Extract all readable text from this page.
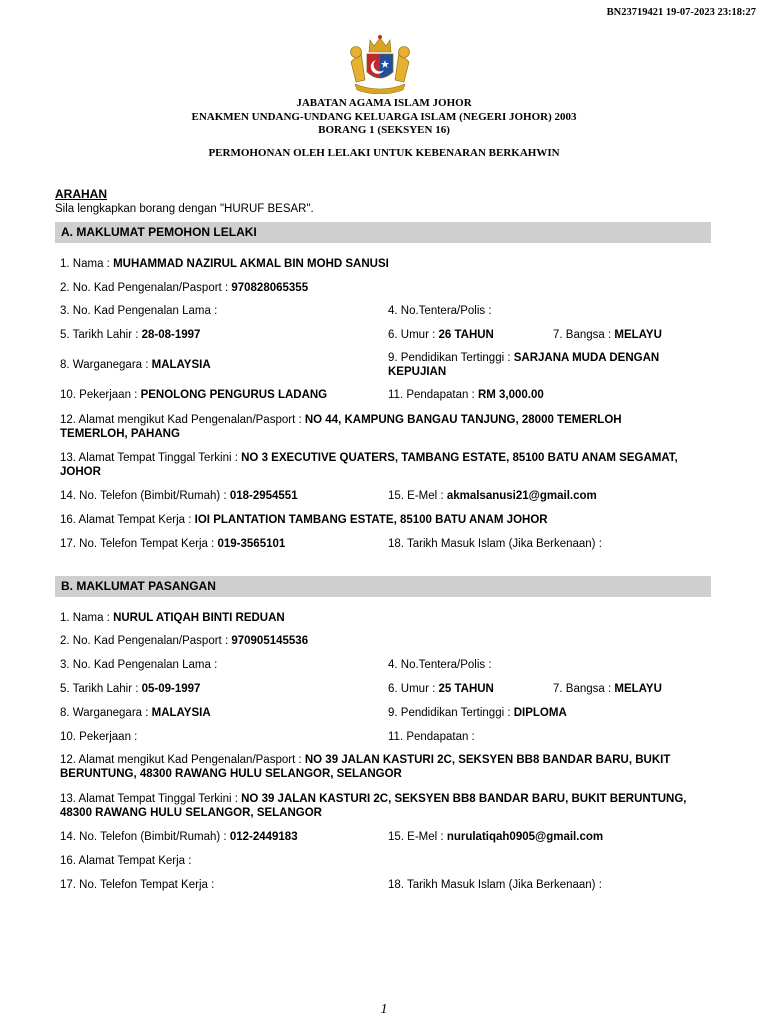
BN23719421 19-07-2023 23:18:27
JABATAN AGAMA ISLAM JOHOR
ENAKMEN UNDANG-UNDANG KELUARGA ISLAM (NEGERI JOHOR) 2003
BORANG 1 (SEKSYEN 16)
PERMOHONAN OLEH LELAKI UNTUK KEBENARAN BERKAHWIN
ARAHAN
Sila lengkapkan borang dengan "HURUF BESAR".
A. MAKLUMAT PEMOHON LELAKI
1. Nama : MUHAMMAD NAZIRUL AKMAL BIN MOHD SANUSI
2. No. Kad Pengenalan/Pasport : 970828065355
3. No. Kad Pengenalan Lama :	4. No.Tentera/Polis :
5. Tarikh Lahir : 28-08-1997	6. Umur : 26 TAHUN	7. Bangsa : MELAYU
8. Warganegara : MALAYSIA
9. Pendidikan Tertinggi : SARJANA MUDA DENGAN KEPUJIAN
10. Pekerjaan : PENOLONG PENGURUS LADANG	11. Pendapatan : RM 3,000.00
12. Alamat mengikut Kad Pengenalan/Pasport : NO 44, KAMPUNG BANGAU TANJUNG, 28000 TEMERLOH TEMERLOH, PAHANG
13. Alamat Tempat Tinggal Terkini : NO 3 EXECUTIVE QUATERS, TAMBANG ESTATE, 85100 BATU ANAM SEGAMAT, JOHOR
14. No. Telefon (Bimbit/Rumah) : 018-2954551	15. E-Mel : akmalsanusi21@gmail.com
16. Alamat Tempat Kerja : IOI PLANTATION TAMBANG ESTATE, 85100 BATU ANAM JOHOR
17. No. Telefon Tempat Kerja : 019-3565101	18. Tarikh Masuk Islam (Jika Berkenaan) :
B. MAKLUMAT PASANGAN
1. Nama : NURUL ATIQAH BINTI REDUAN
2. No. Kad Pengenalan/Pasport : 970905145536
3. No. Kad Pengenalan Lama :	4. No.Tentera/Polis :
5. Tarikh Lahir : 05-09-1997	6. Umur : 25 TAHUN	7. Bangsa : MELAYU
8. Warganegara : MALAYSIA	9. Pendidikan Tertinggi : DIPLOMA
10. Pekerjaan :	11. Pendapatan :
12. Alamat mengikut Kad Pengenalan/Pasport : NO 39 JALAN KASTURI 2C, SEKSYEN BB8 BANDAR BARU, BUKIT BERUNTUNG, 48300 RAWANG HULU SELANGOR, SELANGOR
13. Alamat Tempat Tinggal Terkini : NO 39 JALAN KASTURI 2C, SEKSYEN BB8 BANDAR BARU, BUKIT BERUNTUNG, 48300 RAWANG HULU SELANGOR, SELANGOR
14. No. Telefon (Bimbit/Rumah) : 012-2449183	15. E-Mel : nurulatiqah0905@gmail.com
16. Alamat Tempat Kerja :
17. No. Telefon Tempat Kerja :	18. Tarikh Masuk Islam (Jika Berkenaan) :
1
